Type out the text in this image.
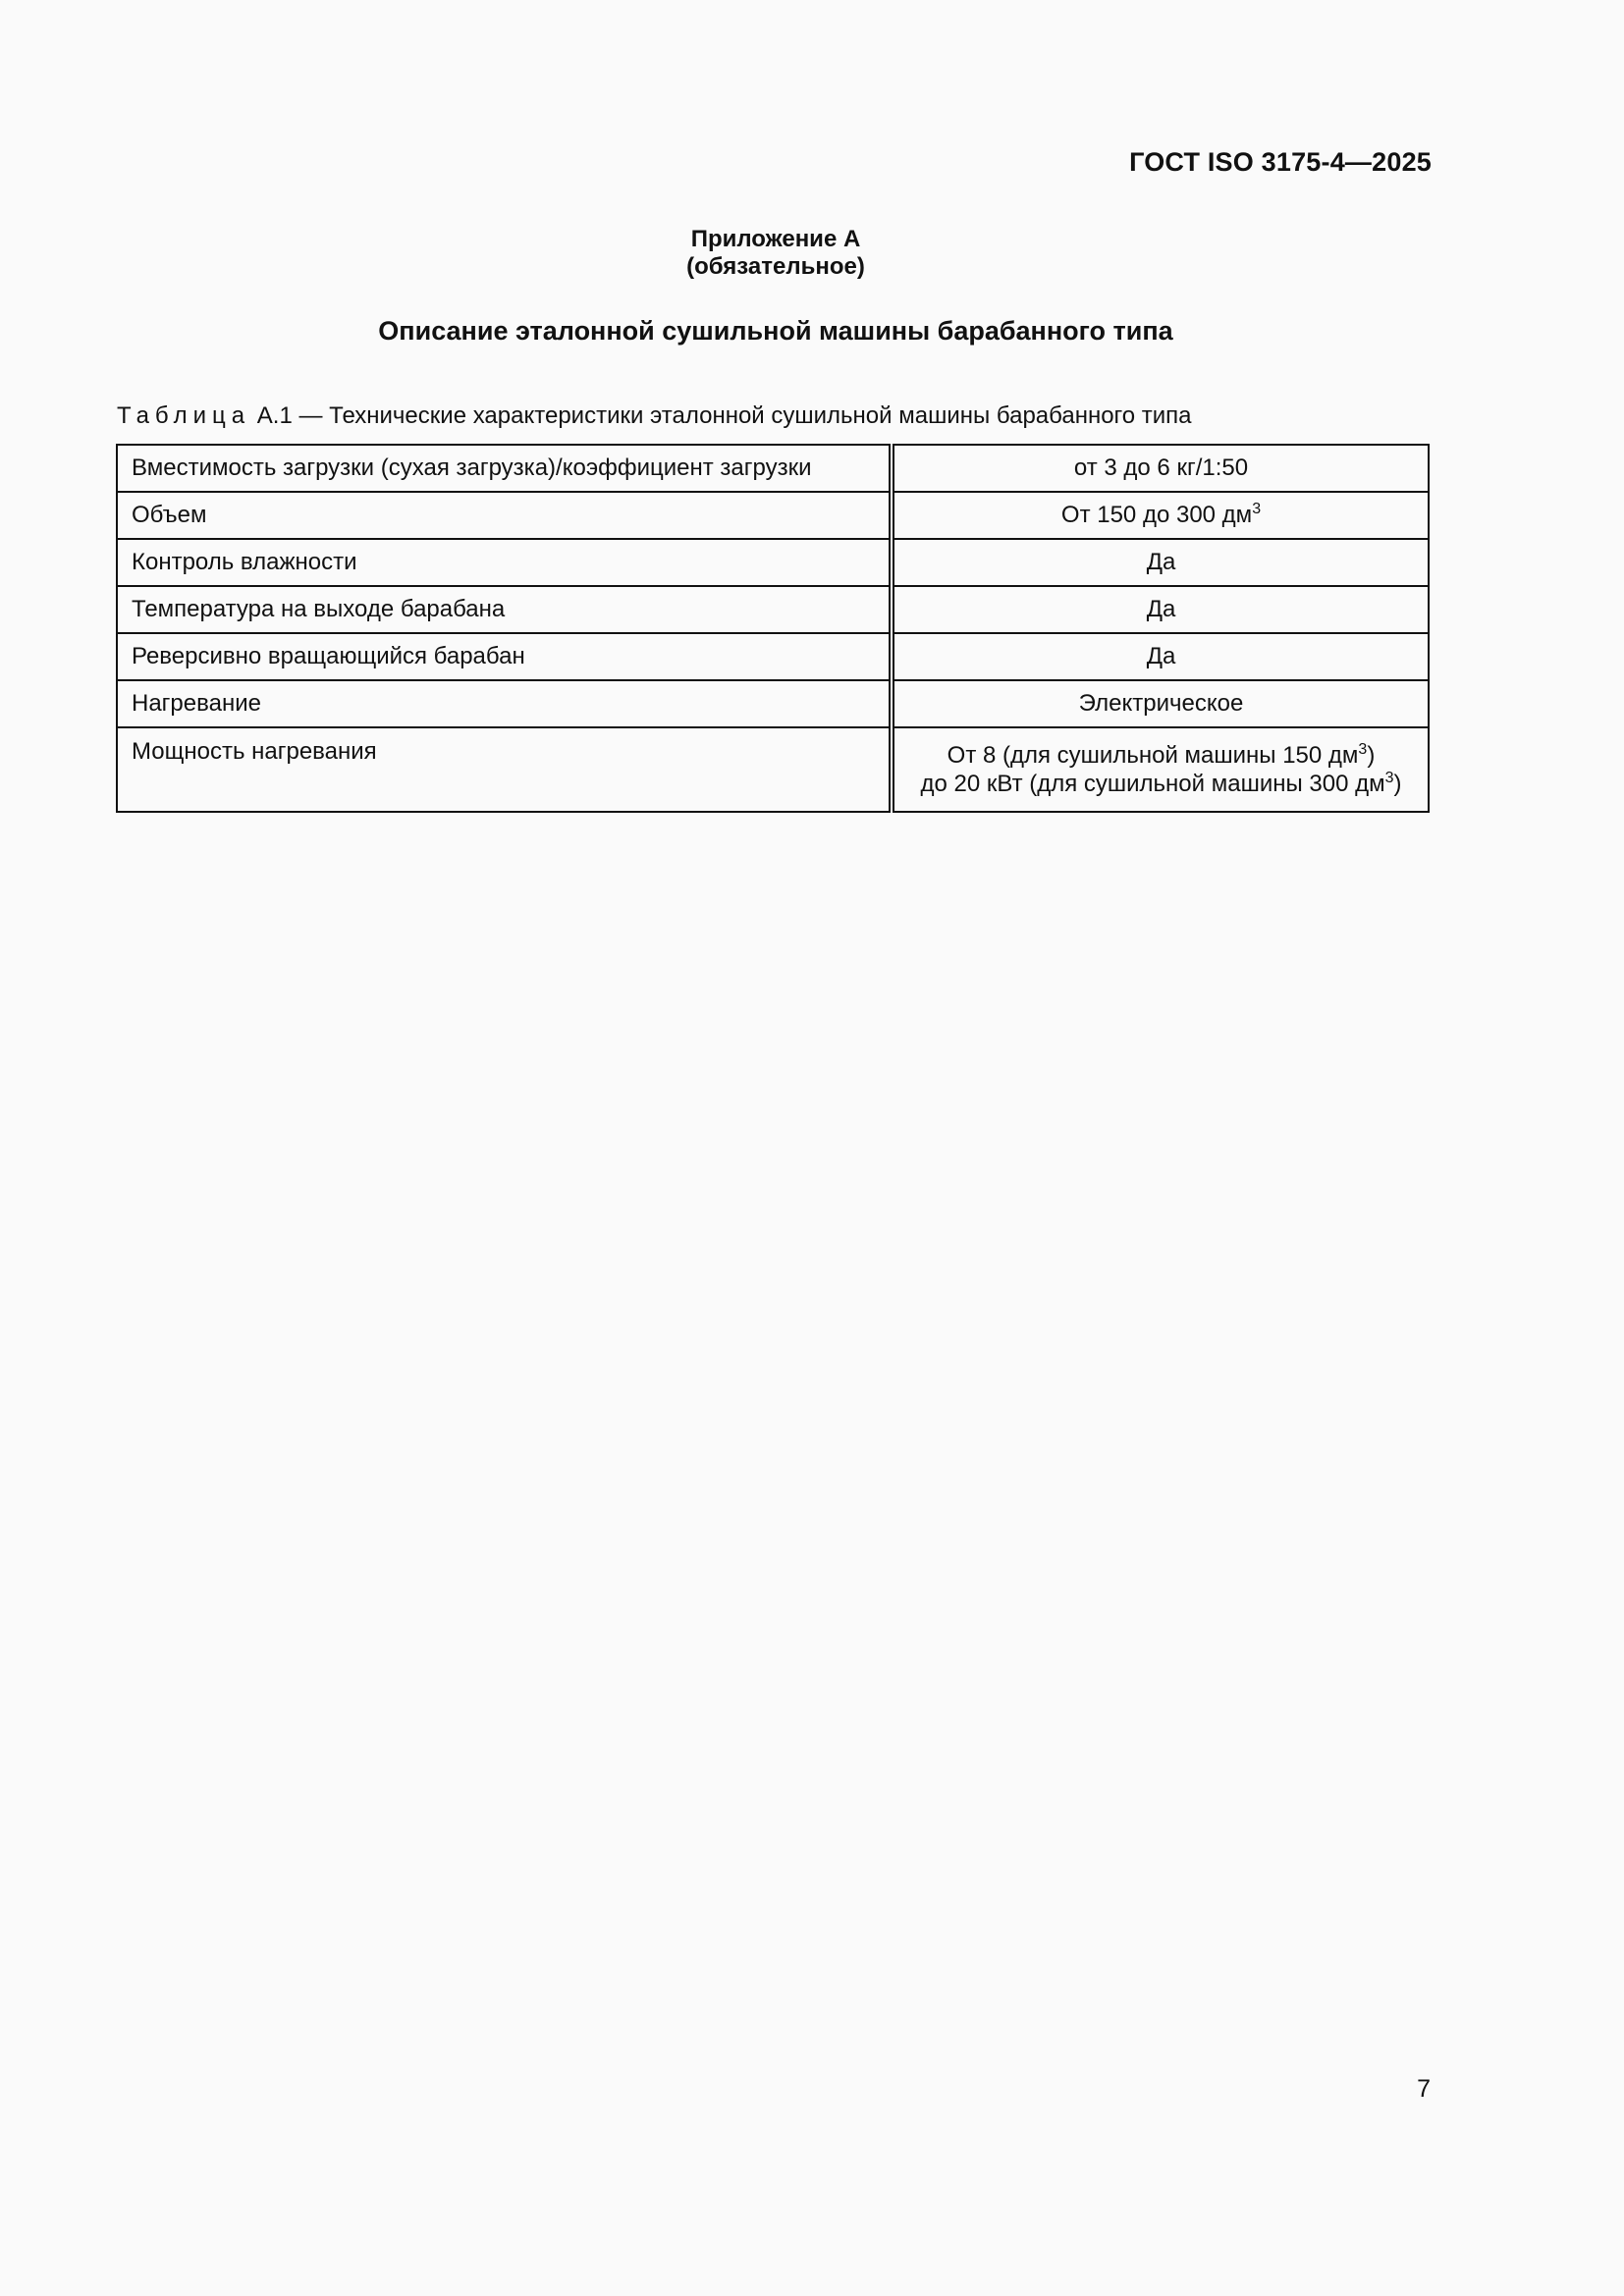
ГОСТ ISO 3175-4—2025
Приложение А
(обязательное)
Описание эталонной сушильной машины барабанного типа
Таблица А.1 — Технические характеристики эталонной сушильной машины барабанного типа
Вместимость загрузки (сухая загрузка)/коэффициент загрузки	от 3 до 6 кг/1:50
Объем	От 150 до 300 $дм^3$
Контроль влажности	Да
Температура на выходе барабана	Да
Реверсивно вращающийся барабан	Да
Нагревание	Электрическое
Мощность нагревания	От 8 (для сушильной машины 150 $дм^3$)
до 20 кВт (для сушильной машины 300 $дм^3$)
7
